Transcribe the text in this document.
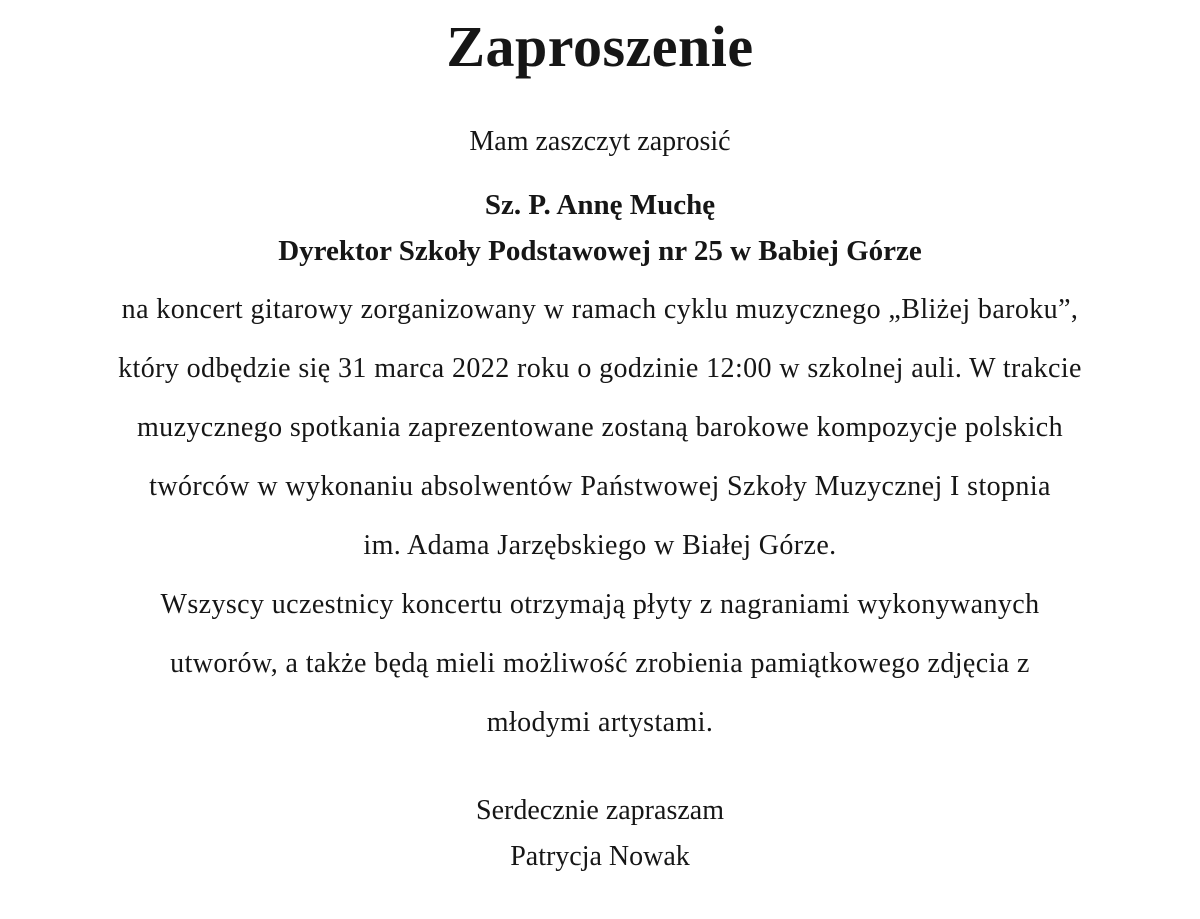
Zaproszenie

Mam zaszczyt zaprosić

Sz. P. Annę Muchę
Dyrektor Szkoły Podstawowej nr 25 w Babiej Górze
na koncert gitarowy zorganizowany w ramach cyklu muzycznego „Bliżej baroku”,
który odbędzie się 31 marca 2022 roku o godzinie 12:00 w szkolnej auli. W trakcie
muzycznego spotkania zaprezentowane zostaną barokowe kompozycje polskich
twórców w wykonaniu absolwentów Państwowej Szkoły Muzycznej I stopnia
im. Adama Jarzębskiego w Białej Górze.
Wszyscy uczestnicy koncertu otrzymają płyty z nagraniami wykonywanych
utworów, a także będą mieli możliwość zrobienia pamiątkowego zdjęcia z
młodymi artystami.
Serdecznie zapraszam
Patrycja Nowak
